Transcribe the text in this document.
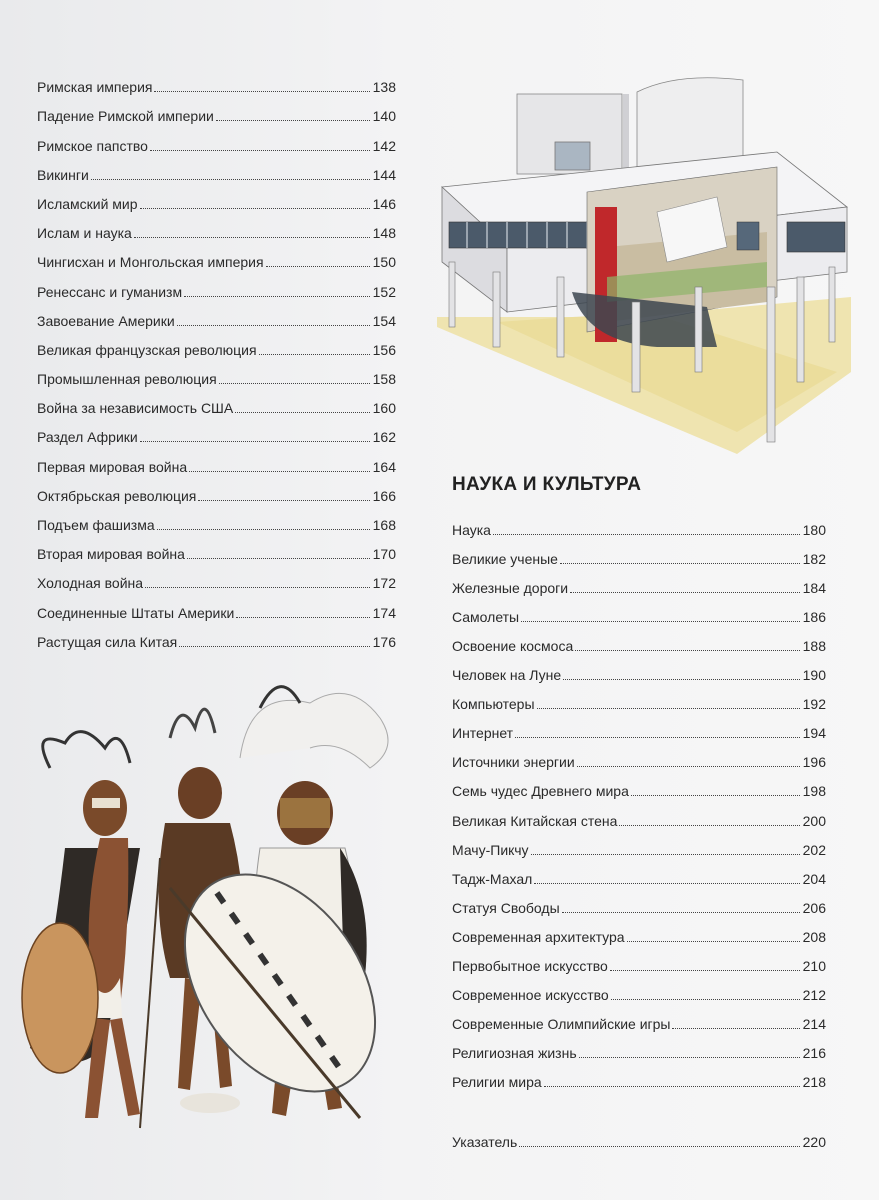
Римская империя	138
Падение Римской империи	140
Римское папство	142
Викинги	144
Исламский мир	146
Ислам и наука	148
Чингисхан и Монгольская империя	150
Ренессанс и гуманизм	152
Завоевание Америки	154
Великая французская революция	156
Промышленная революция	158
Война за независимость США	160
Раздел Африки	162
Первая мировая война	164
Октябрьская революция	166
Подъем фашизма	168
Вторая мировая война	170
Холодная война	172
Соединенные Штаты Америки	174
Растущая сила Китая	176
НАУКА И КУЛЬТУРА
Наука	180
Великие ученые	182
Железные дороги	184
Самолеты	186
Освоение космоса	188
Человек на Луне	190
Компьютеры	192
Интернет	194
Источники энергии	196
Семь чудес Древнего мира	198
Великая Китайская стена	200
Мачу-Пикчу	202
Тадж-Махал	204
Статуя Свободы	206
Современная архитектура	208
Первобытное искусство	210
Современное искусство	212
Современные Олимпийские игры	214
Религиозная жизнь	216
Религии мира	218
Указатель	220
